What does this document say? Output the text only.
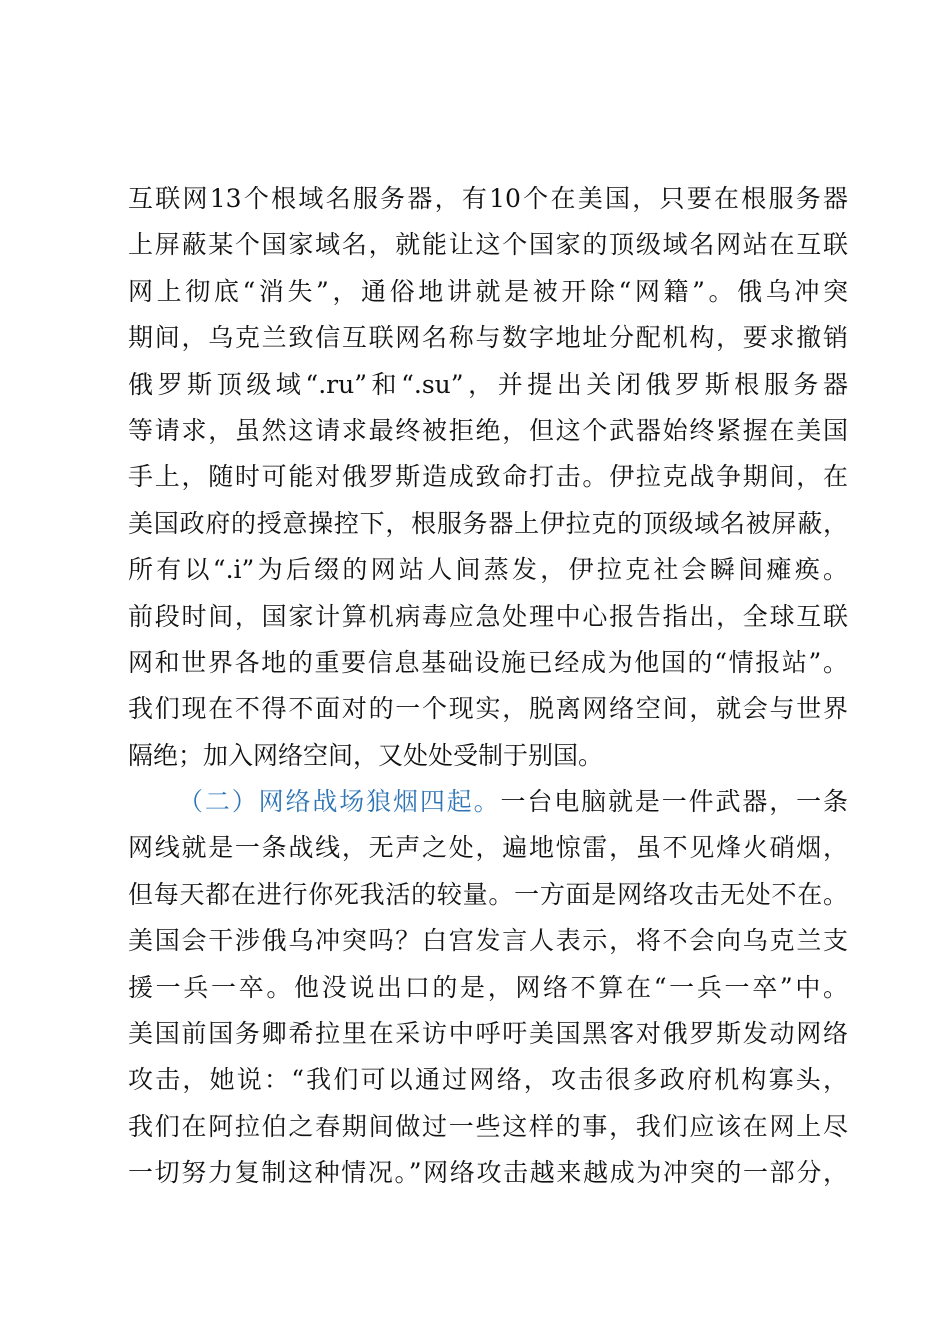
互联网13个根域名服务器，有10个在美国，只要在根服务器
上屏蔽某个国家域名，就能让这个国家的顶级域名网站在互联
网上彻底“消失”，通俗地讲就是被开除“网籍”。俄乌冲突
期间，乌克兰致信互联网名称与数字地址分配机构，要求撤销
俄罗斯顶级域“.ru”和“.su”，并提出关闭俄罗斯根服务器
等请求，虽然这请求最终被拒绝，但这个武器始终紧握在美国
手上，随时可能对俄罗斯造成致命打击。伊拉克战争期间，在
美国政府的授意操控下，根服务器上伊拉克的顶级域名被屏蔽，
所有以“.i”为后缀的网站人间蒸发，伊拉克社会瞬间瘫痪。
前段时间，国家计算机病毒应急处理中心报告指出，全球互联
网和世界各地的重要信息基础设施已经成为他国的“情报站”。
我们现在不得不面对的一个现实，脱离网络空间，就会与世界
隔绝；加入网络空间，又处处受制于别国。
（二）网络战场狼烟四起。一台电脑就是一件武器，一条
网线就是一条战线，无声之处，遍地惊雷，虽不见烽火硝烟，
但每天都在进行你死我活的较量。一方面是网络攻击无处不在。
美国会干涉俄乌冲突吗？白宫发言人表示，将不会向乌克兰支
援一兵一卒。他没说出口的是，网络不算在“一兵一卒”中。
美国前国务卿希拉里在采访中呼吁美国黑客对俄罗斯发动网络
攻击，她说：“我们可以通过网络，攻击很多政府机构寡头，
我们在阿拉伯之春期间做过一些这样的事，我们应该在网上尽
一切努力复制这种情况。”网络攻击越来越成为冲突的一部分，
